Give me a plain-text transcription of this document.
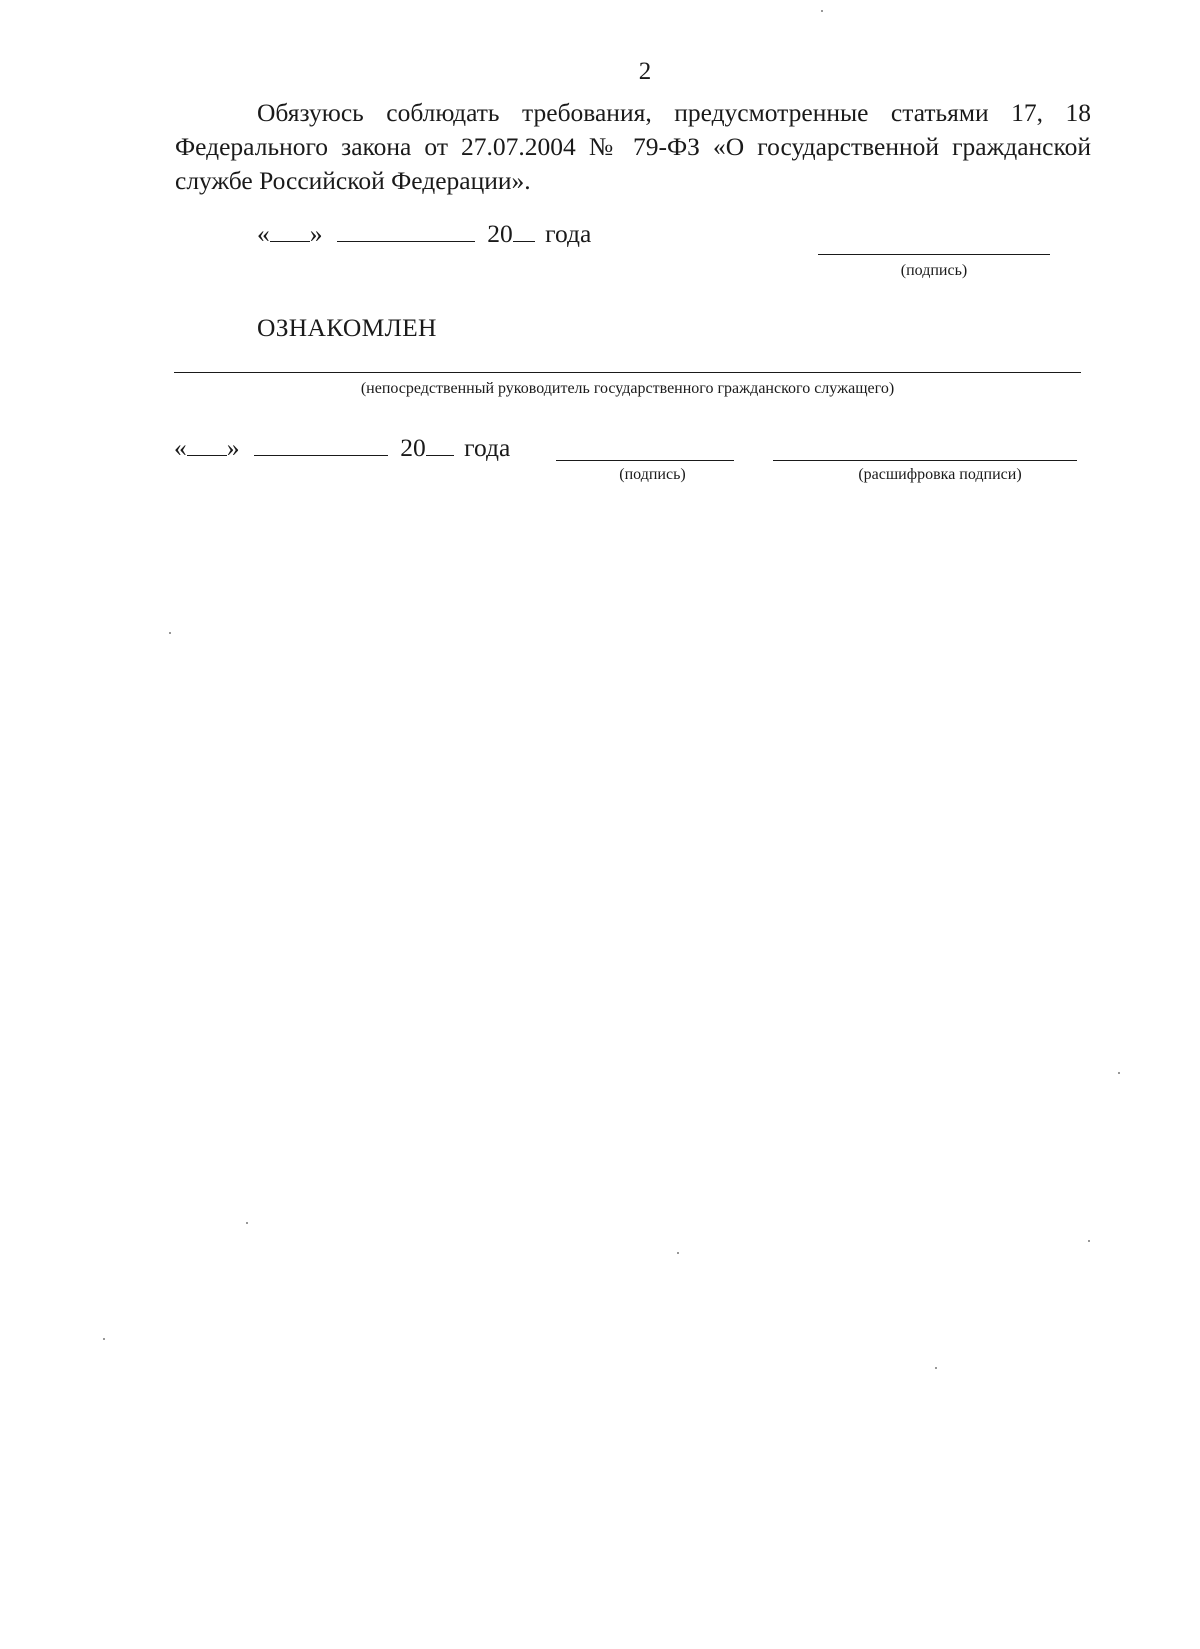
2

Обязуюсь соблюдать требования, предусмотренные статьями 17, 18 Федерального закона от 27.07.2004 № 79-ФЗ «О государственной гражданской службе Российской Федерации».

« »	20 года
(подпись)
ОЗНАКОМЛЕН
(непосредственный руководитель государственного гражданского служащего)
« »	20 года
(подпись)	(расшифровка подписи)
